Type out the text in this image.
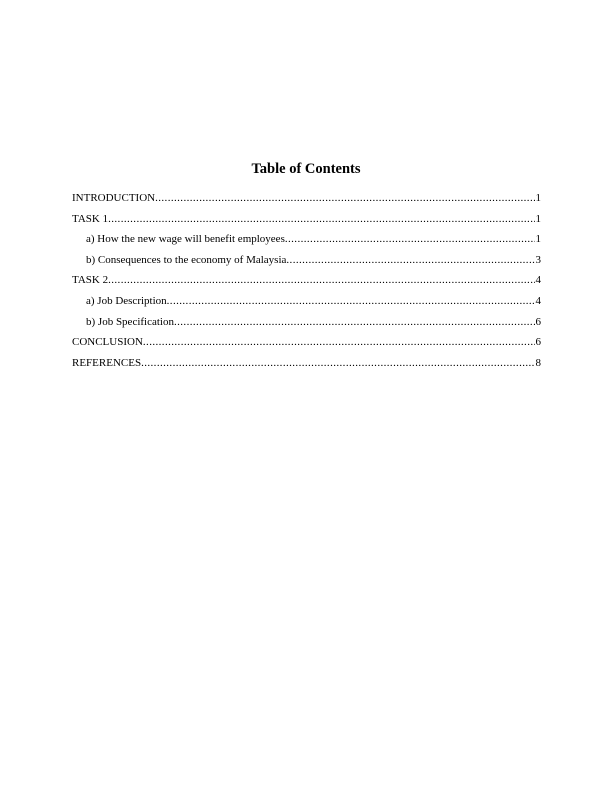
Table of Contents
INTRODUCTION .....	1
TASK 1 .....	1
a) How the new wage will benefit employees .....	1
b) Consequences to the economy of Malaysia .....	3
TASK 2 .....	4
a) Job Description .....	4
b) Job Specification .....	6
CONCLUSION .....	6
REFERENCES .....	8
